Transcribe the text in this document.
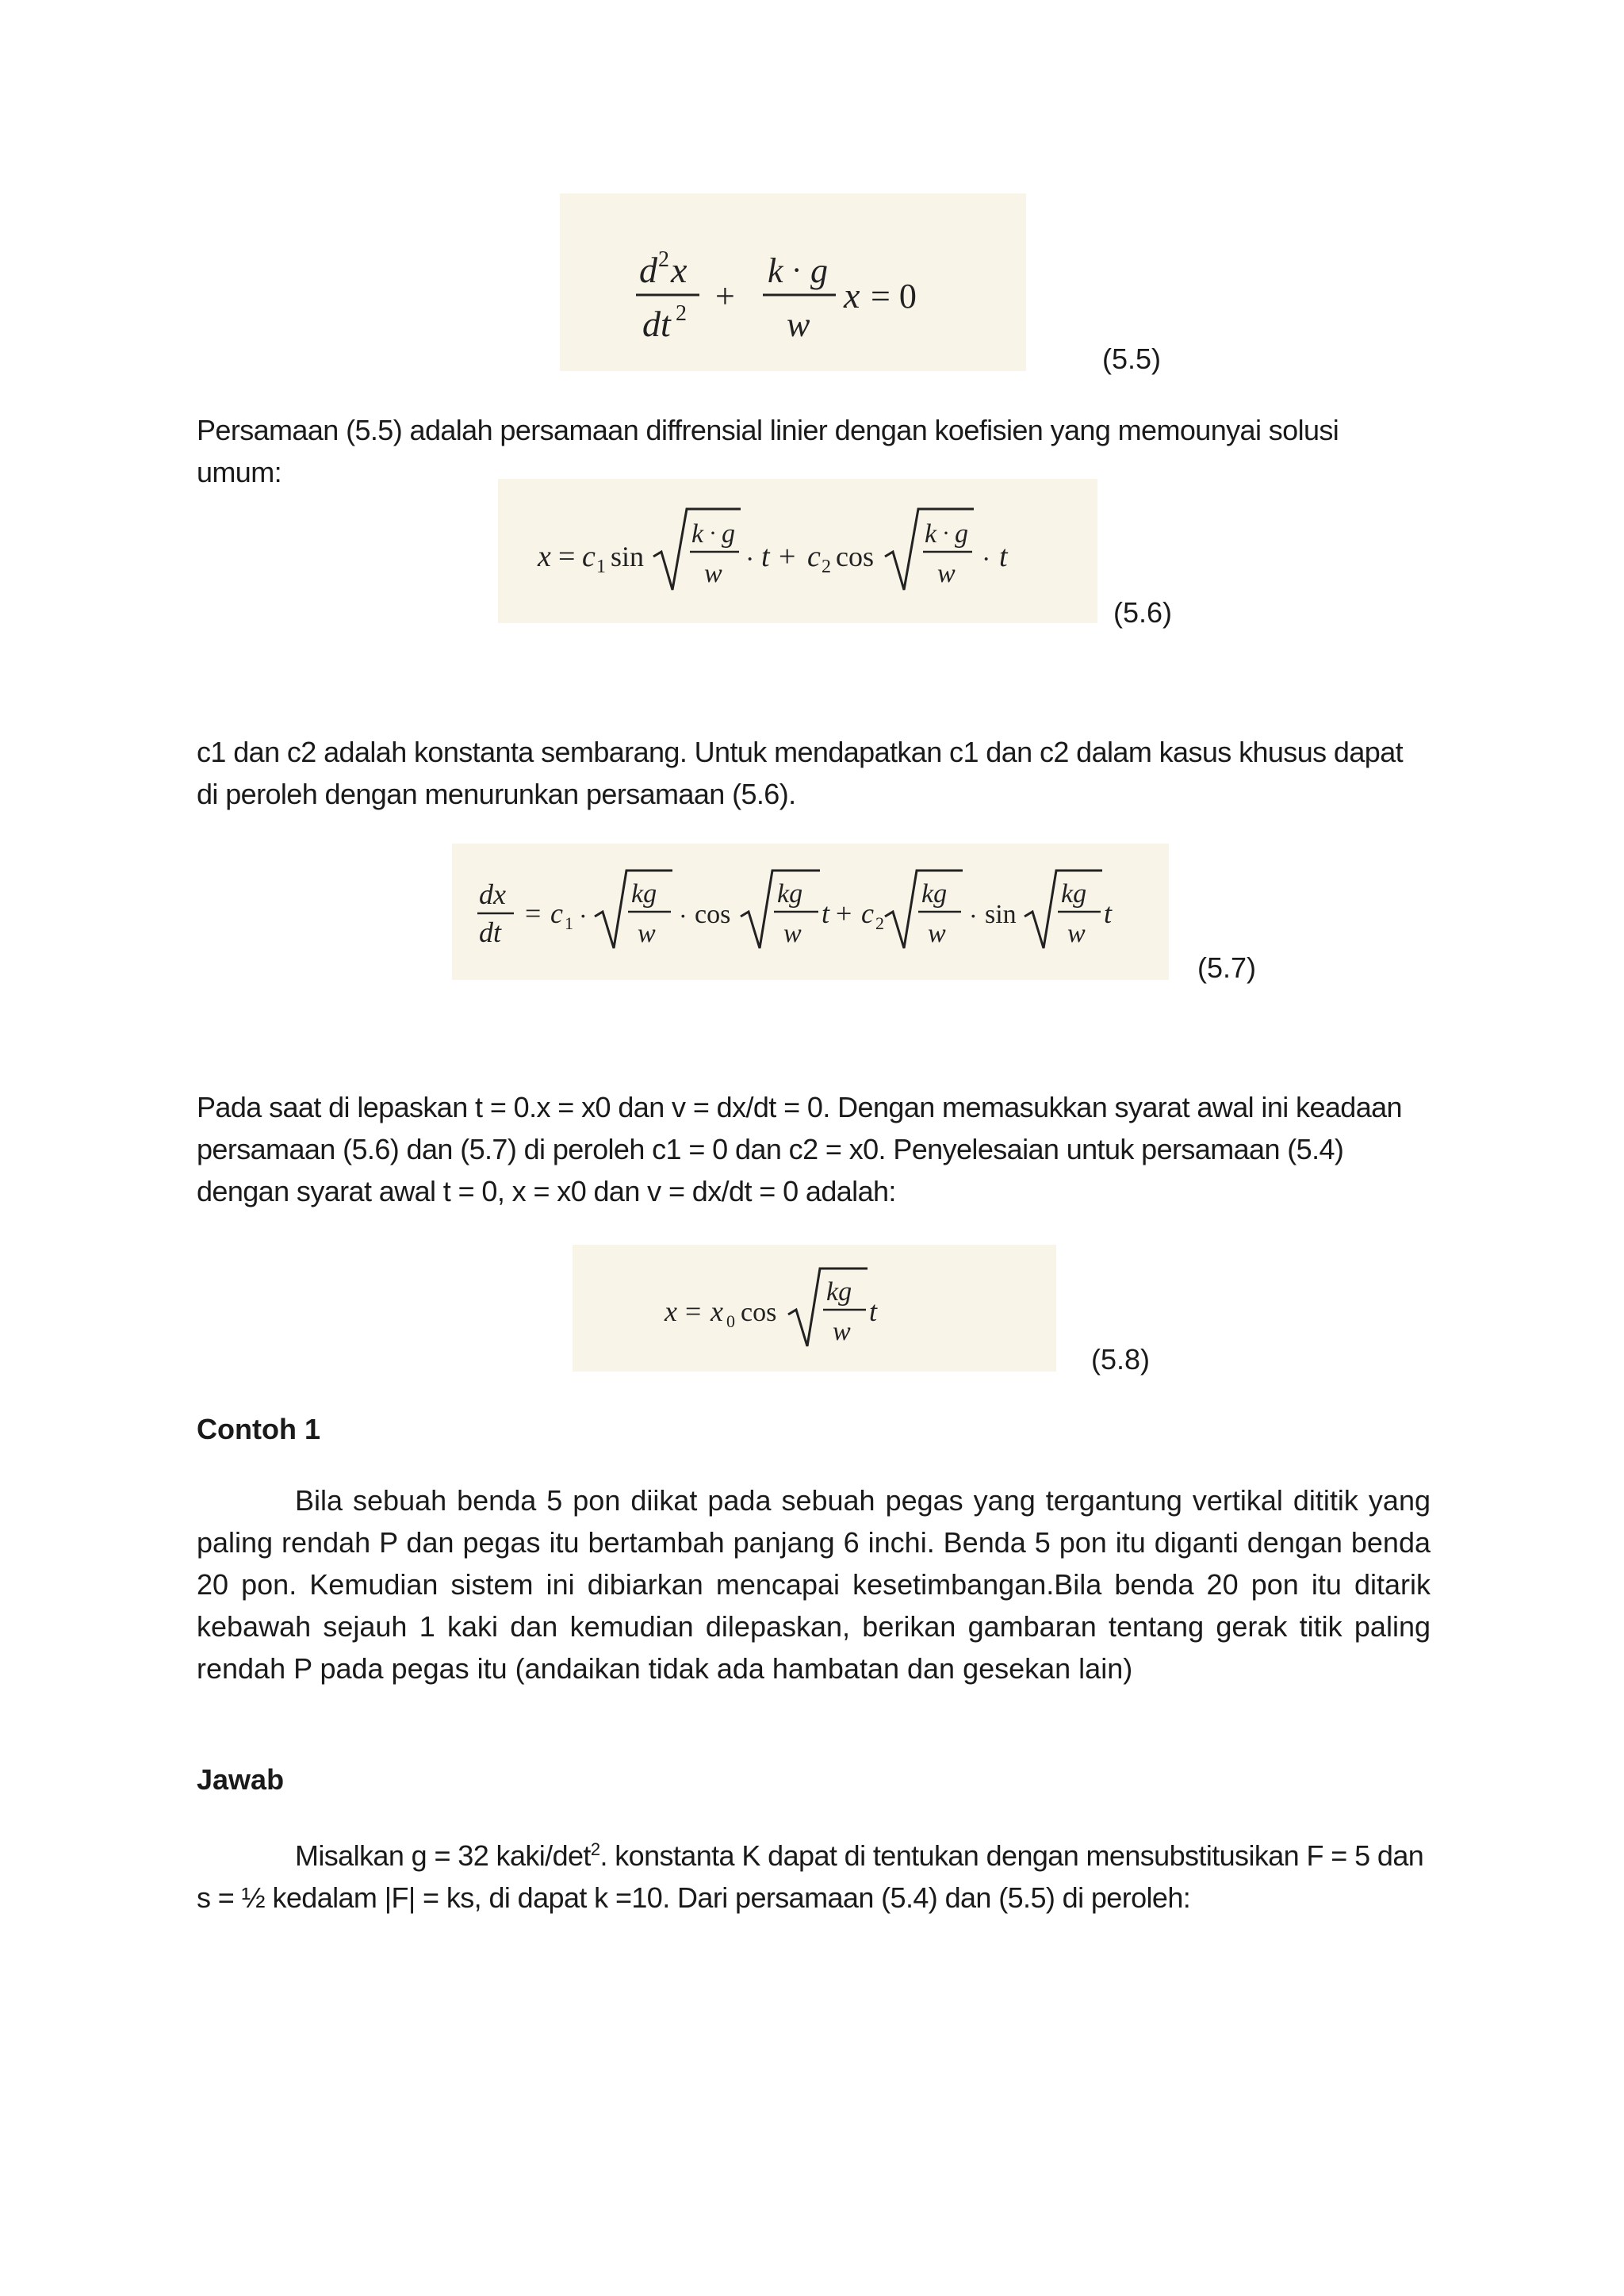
d 2 x
dt 2 +
k · g
w
x = 0
(5.5)

Persamaan (5.5) adalah persamaan diffrensial linier dengan koefisien yang memounyai solusi umum:

x = c 1 sin
k · g
w · t + c 2 cos
k · g
w · t
(5.6)

c1 dan c2 adalah konstanta sembarang. Untuk mendapatkan c1 dan c2 dalam kasus khusus dapat di peroleh dengan menurunkan persamaan (5.6).

dx
dt
= c 1 ·
kg
w
· cos
kg
w
t + c 2
kg
w
· sin
kg
w
t
(5.7)

Pada saat di lepaskan t = 0.x = x0 dan v = dx/dt = 0. Dengan memasukkan syarat awal ini keadaan persamaan (5.6) dan (5.7) di peroleh c1 = 0 dan c2 = x0. Penyelesaian untuk persamaan (5.4) dengan syarat awal t = 0, x = x0 dan v = dx/dt = 0 adalah:

x = x 0 cos
kg
w
t
(5.8)
Contoh 1

Bila sebuah benda 5 pon diikat pada sebuah pegas yang tergantung vertikal dititik yang paling rendah P dan pegas itu bertambah panjang 6 inchi. Benda 5 pon itu diganti dengan benda 20 pon. Kemudian sistem ini dibiarkan mencapai kesetimbangan.Bila benda 20 pon itu ditarik kebawah sejauh 1 kaki dan kemudian dilepaskan, berikan gambaran tentang gerak titik paling rendah P pada pegas itu (andaikan tidak ada hambatan dan gesekan lain)

Jawab

Misalkan g = 32 kaki/$\det^2$. konstanta K dapat di tentukan dengan mensubstitusikan F = 5 dan s = ½ kedalam |F| = ks, di dapat k =10. Dari persamaan (5.4) dan (5.5) di peroleh:
